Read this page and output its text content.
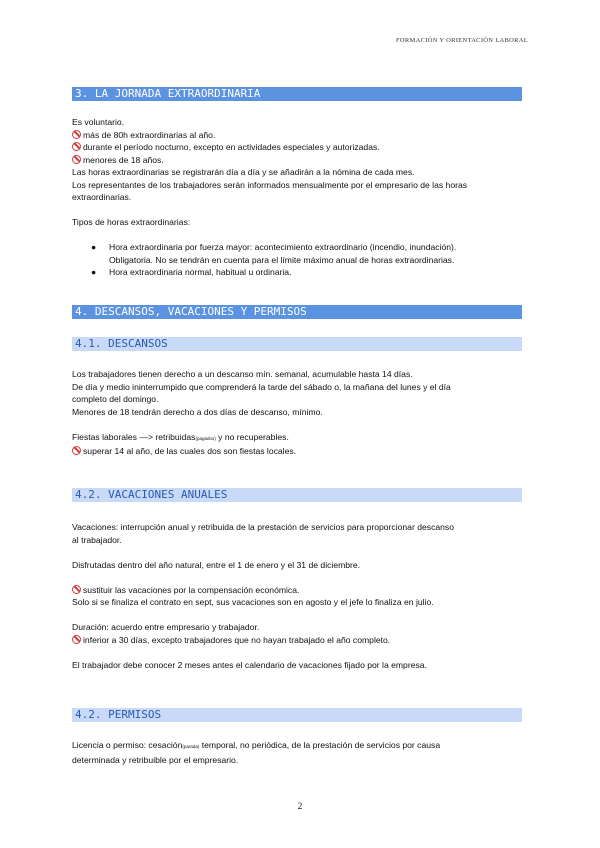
FORMACIÓN Y ORIENTACIÓN LABORAL
3. LA JORNADA EXTRAORDINARIA

Es voluntario.

más de 80h extraordinarias al año.

durante el período nocturno, excepto en actividades especiales y autorizadas.

menores de 18 años.

Las horas extraordinarias se registrarán día a día y se añadirán a la nómina de cada mes.

Los representantes de los trabajadores serán informados mensualmente por el empresario de las horas

extraordinarias.

Tipos de horas extraordinarias:

● Hora extraordinaria por fuerza mayor: acontecimiento extraordinario (incendio, inundación).

Obligatoria. No se tendrán en cuenta para el límite máximo anual de horas extraordinarias.

● Hora extraordinaria normal, habitual u ordinaria.

4. DESCANSOS, VACACIONES Y PERMISOS
4.1. DESCANSOS

Los trabajadores tienen derecho a un descanso mín. semanal, acumulable hasta 14 días.

De día y medio ininterrumpido que comprenderá la tarde del sábado o, la mañana del lunes y el día

completo del domingo.

Menores de 18 tendrán derecho a dos días de descanso, mínimo.

Fiestas laborales —> retribuidas(pagados) y no recuperables.

superar 14 al año, de las cuales dos son fiestas locales.

4.2. VACACIONES ANUALES

Vacaciones: interrupción anual y retribuida de la prestación de servicios para proporcionar descanso

al trabajador.

Disfrutadas dentro del año natural, entre el 1 de enero y el 31 de diciembre.

sustituir las vacaciones por la compensación económica.

Solo si se finaliza el contrato en sept, sus vacaciones son en agosto y el jefe lo finaliza en julio.

Duración: acuerdo entre empresario y trabajador.

inferior a 30 días, excepto trabajadores que no hayan trabajado el año completo.

El trabajador debe conocer 2 meses antes el calendario de vacaciones fijado por la empresa.

4.2. PERMISOS

Licencia o permiso: cesación(parada) temporal, no periódica, de la prestación de servicios por causa

determinada y retribuible por el empresario.

2
